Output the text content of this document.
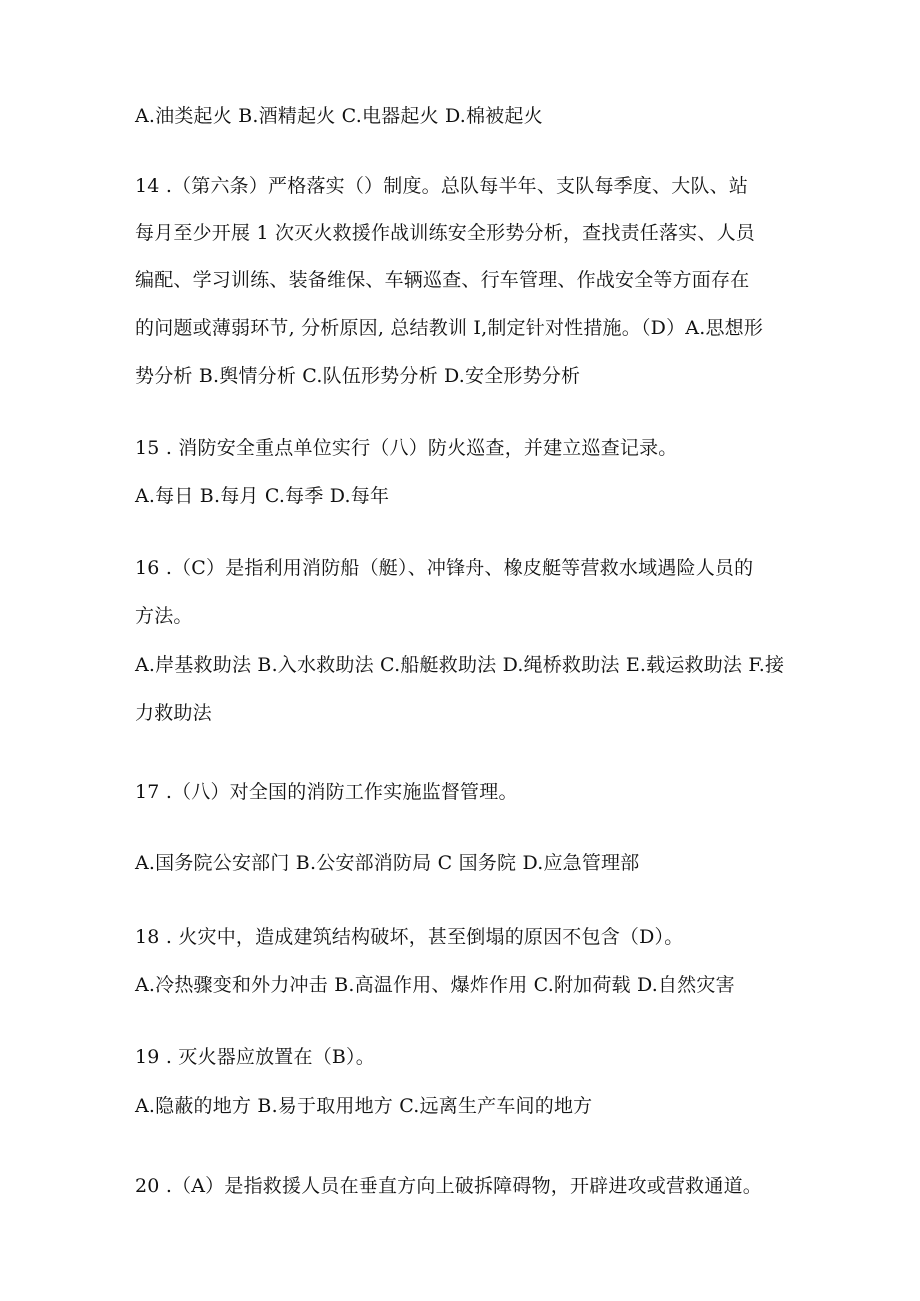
A.油类起火 B.酒精起火 C.电器起火 D.棉被起火
14 .（第六条）严格落实（）制度。总队每半年、支队每季度、大队、站
每月至少开展 1 次灭火救援作战训练安全形势分析，查找责任落实、人员
编配、学习训练、装备维保、车辆巡查、行车管理、作战安全等方面存在
的问题或薄弱环节, 分析原因, 总结教训 I,制定针对性措施。（D）A.思想形
势分析 B.舆情分析 C.队伍形势分析 D.安全形势分析
15 . 消防安全重点单位实行（八）防火巡查，并建立巡查记录。
A.每日 B.每月 C.每季 D.每年
16 .（C）是指利用消防船（艇）、冲锋舟、橡皮艇等营救水域遇险人员的
方法。
A.岸基救助法 B.入水救助法 C.船艇救助法 D.绳桥救助法 E.载运救助法 F.接
力救助法
17 .（八）对全国的消防工作实施监督管理。
A.国务院公安部门 B.公安部消防局 C 国务院 D.应急管理部
18 . 火灾中，造成建筑结构破坏，甚至倒塌的原因不包含（D）。
A.冷热骤变和外力冲击 B.高温作用、爆炸作用 C.附加荷载 D.自然灾害
19 . 灭火器应放置在（B）。
A.隐蔽的地方 B.易于取用地方 C.远离生产车间的地方
20 .（A）是指救援人员在垂直方向上破拆障碍物，开辟进攻或营救通道。
